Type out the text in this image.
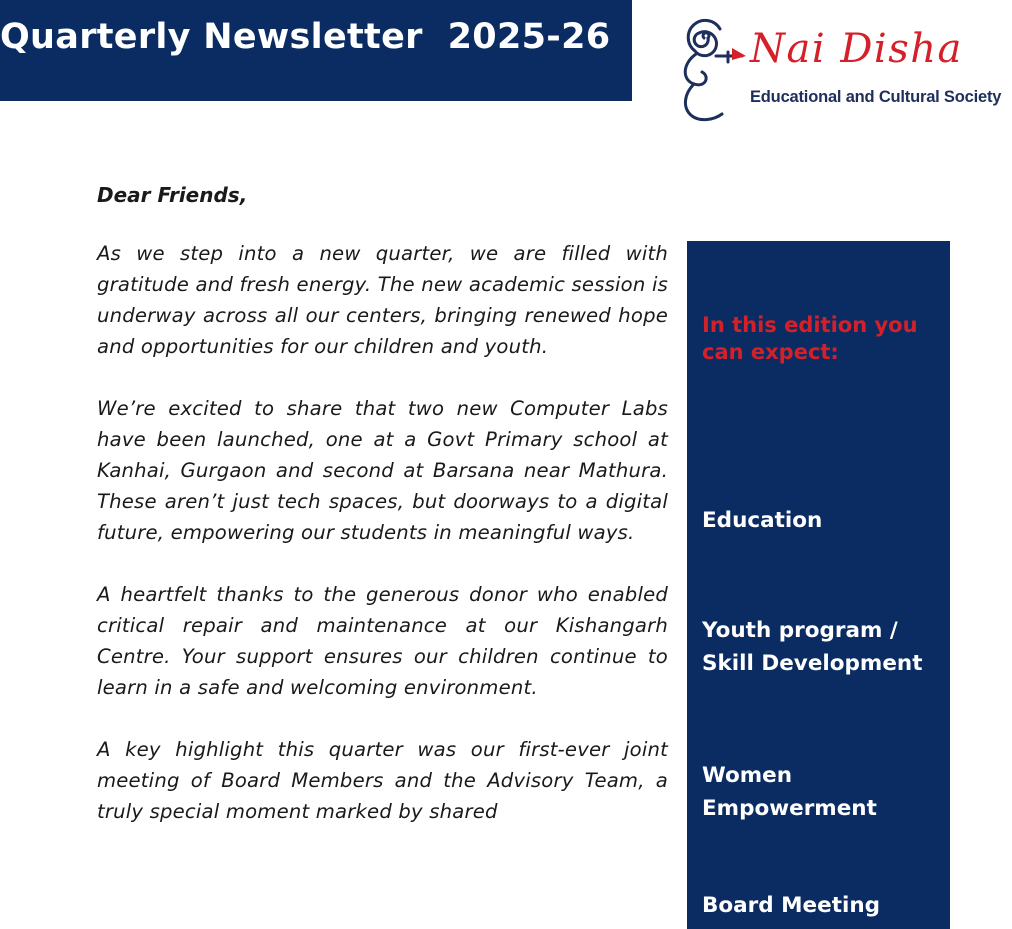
Quarterly Newsletter  2025-26	Nai Disha
Educational and Cultural Society
Dear Friends,

As we step into a new quarter, we are filled with gratitude and fresh energy. The new academic session is underway across all our centers, bringing renewed hope and opportunities for our children and youth.

We’re excited to share that two new Computer Labs have been launched, one at a Govt Primary school at Kanhai, Gurgaon and second at Barsana near Mathura. These aren’t just tech spaces, but doorways to a digital future, empowering our students in meaningful ways.

A heartfelt thanks to the generous donor who enabled critical repair and maintenance at our Kishangarh Centre. Your support ensures our children continue to learn in a safe and welcoming environment.

A key highlight this quarter was our first-ever joint meeting of Board Members and the Advisory Team, a truly special moment marked by shared

In this edition you can expect:
Education
Youth program / Skill Development
Women Empowerment
Board Meeting
